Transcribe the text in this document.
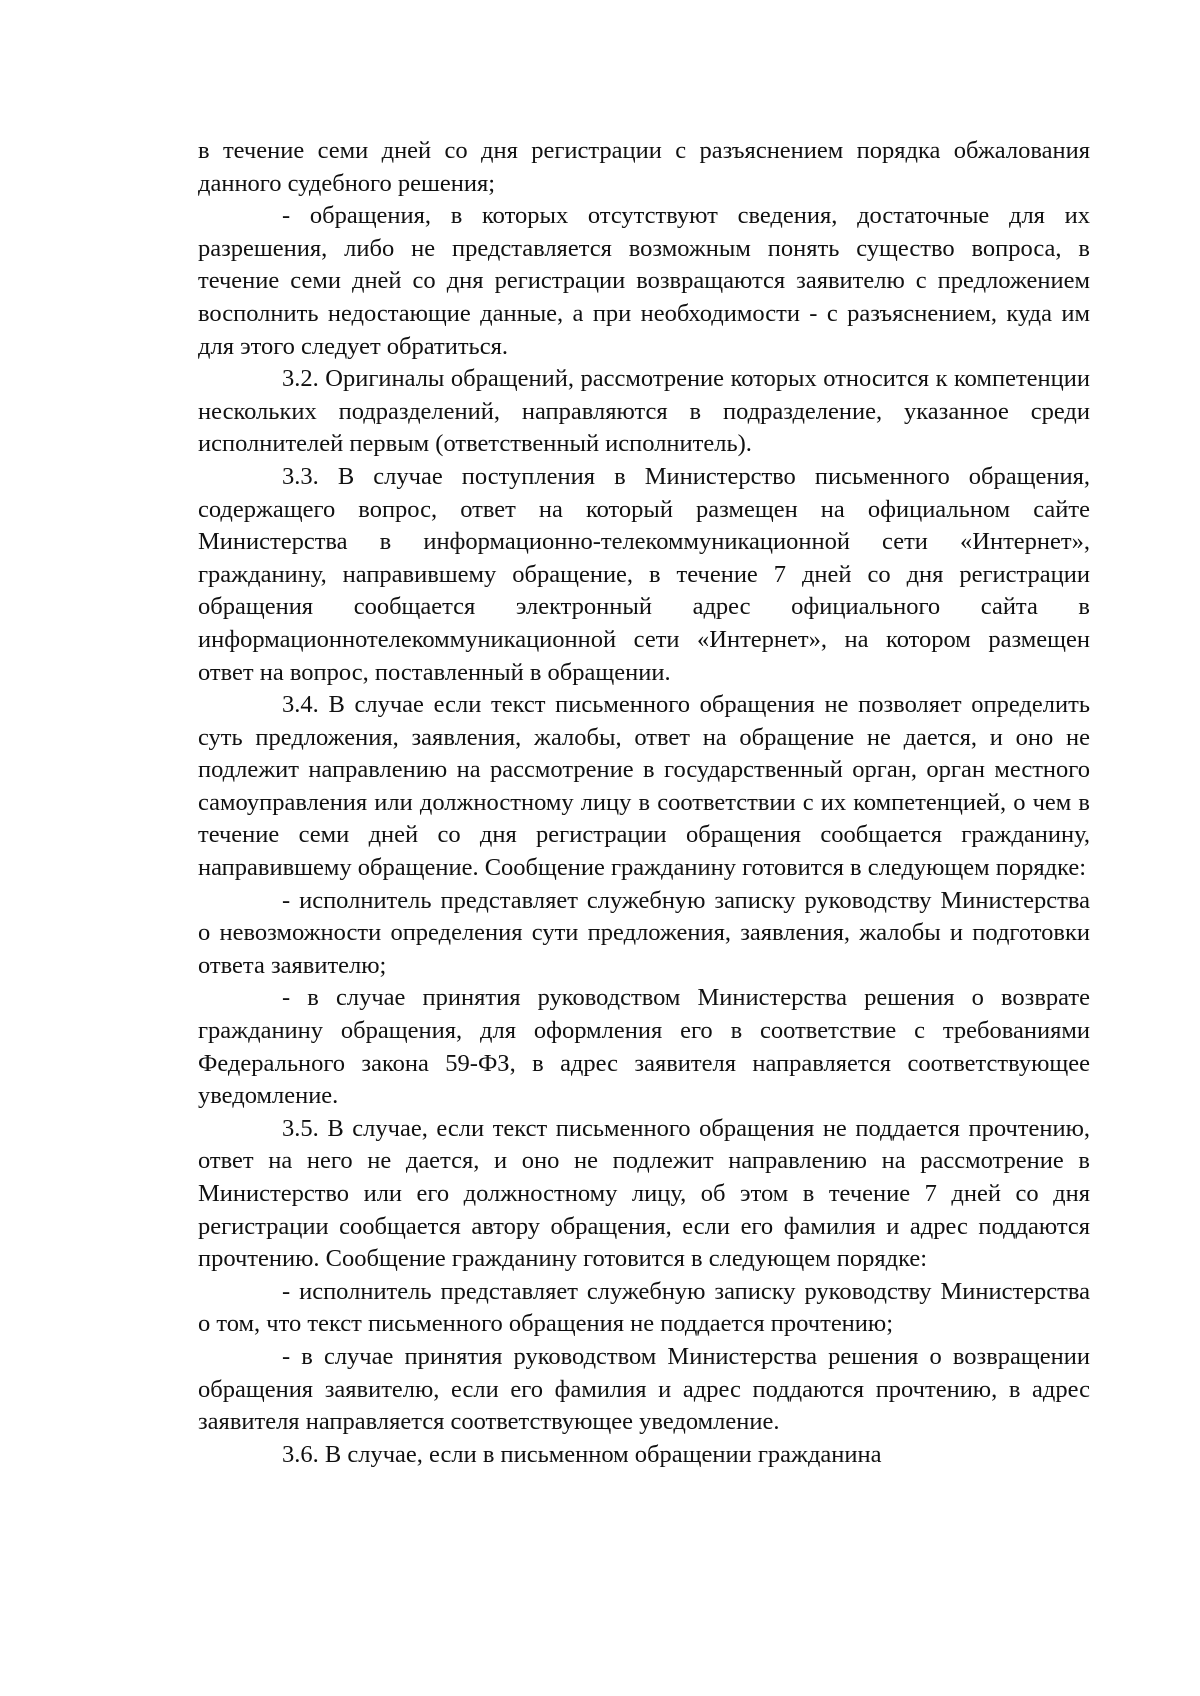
в течение семи дней со дня регистрации с разъяснением порядка обжалования данного судебного решения;

- обращения, в которых отсутствуют сведения, достаточные для их разрешения, либо не представляется возможным понять существо вопроса, в течение семи дней со дня регистрации возвращаются заявителю с предложением восполнить недостающие данные, а при необходимости - с разъяснением, куда им для этого следует обратиться.

3.2. Оригиналы обращений, рассмотрение которых относится к компетенции нескольких подразделений, направляются в подразделение, указанное среди исполнителей первым (ответственный исполнитель).

3.3. В случае поступления в Министерство письменного обращения, содержащего вопрос, ответ на который размещен на официальном сайте Министерства в информационно-телекоммуникационной сети «Интернет», гражданину, направившему обращение, в течение 7 дней со дня регистрации обращения сообщается электронный адрес официального сайта в информационнотелекоммуникационной сети «Интернет», на котором размещен ответ на вопрос, поставленный в обращении.

3.4. В случае если текст письменного обращения не позволяет определить суть предложения, заявления, жалобы, ответ на обращение не дается, и оно не подлежит направлению на рассмотрение в государственный орган, орган местного самоуправления или должностному лицу в соответствии с их компетенцией, о чем в течение семи дней со дня регистрации обращения сообщается гражданину, направившему обращение. Сообщение гражданину готовится в следующем порядке:

- исполнитель представляет служебную записку руководству Министерства о невозможности определения сути предложения, заявления, жалобы и подготовки ответа заявителю;

- в случае принятия руководством Министерства решения о возврате гражданину обращения, для оформления его в соответствие с требованиями Федерального закона 59-ФЗ, в адрес заявителя направляется соответствующее уведомление.

3.5. В случае, если текст письменного обращения не поддается прочтению, ответ на него не дается, и оно не подлежит направлению на рассмотрение в Министерство или его должностному лицу, об этом в течение 7 дней со дня регистрации сообщается автору обращения, если его фамилия и адрес поддаются прочтению. Сообщение гражданину готовится в следующем порядке:

- исполнитель представляет служебную записку руководству Министерства о том, что текст письменного обращения не поддается прочтению;

- в случае принятия руководством Министерства решения о возвращении обращения заявителю, если его фамилия и адрес поддаются прочтению, в адрес заявителя направляется соответствующее уведомление.

3.6. В случае, если в письменном обращении гражданина
